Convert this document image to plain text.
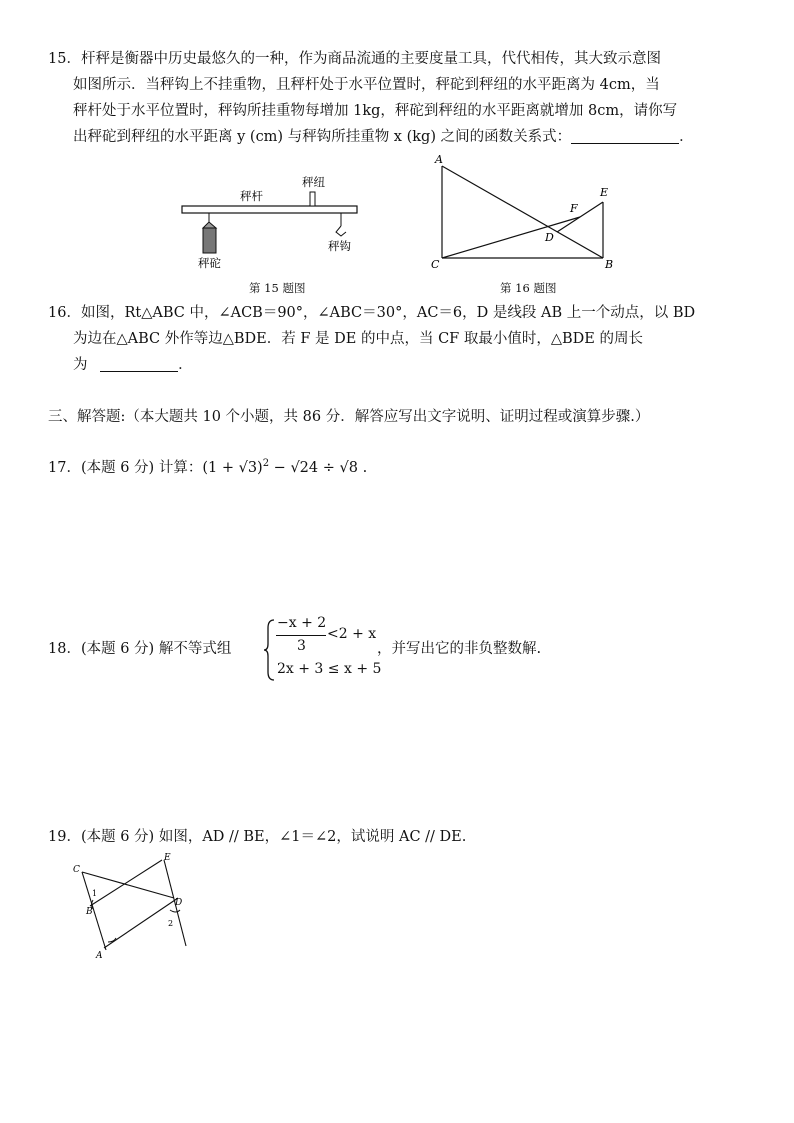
15．杆秤是衡器中历史最悠久的一种，作为商品流通的主要度量工具，代代相传，其大致示意图
如图所示．当秤钩上不挂重物，且秤杆处于水平位置时，秤砣到秤纽的水平距离为 4cm，当
秤杆处于水平位置时，秤钩所挂重物每增加 1kg，秤砣到秤纽的水平距离就增加 8cm，请你写
出秤砣到秤纽的水平距离 y (cm) 与秤钩所挂重物 x (kg) 之间的函数关系式：	．
秤杆
秤纽
秤砣
秤钩
第 15 题图
A
C	B
E
F
D
第 16 题图
16．如图，Rt△ABC 中，∠ACB＝90°，∠ABC＝30°，AC＝6，D 是线段 AB 上一个动点，以 BD
为边在△ABC 外作等边△BDE．若 F 是 DE 的中点，当 CF 取最小值时，△BDE 的周长
为	．
三、解答题:（本大题共 10 个小题，共 86 分．解答应写出文字说明、证明过程或演算步骤.）
17．(本题 6 分) 计算：$(1 + √3)^2 - √24 \div √8$ .
18．(本题 6 分) 解不等式组
−x + 2
3
<2 + x
2x + 3 ≤ x + 5
，并写出它的非负整数解.
19．(本题 6 分) 如图，AD // BE，∠1＝∠2，试说明 AC // DE.
C
E
B
D
A
1
2
